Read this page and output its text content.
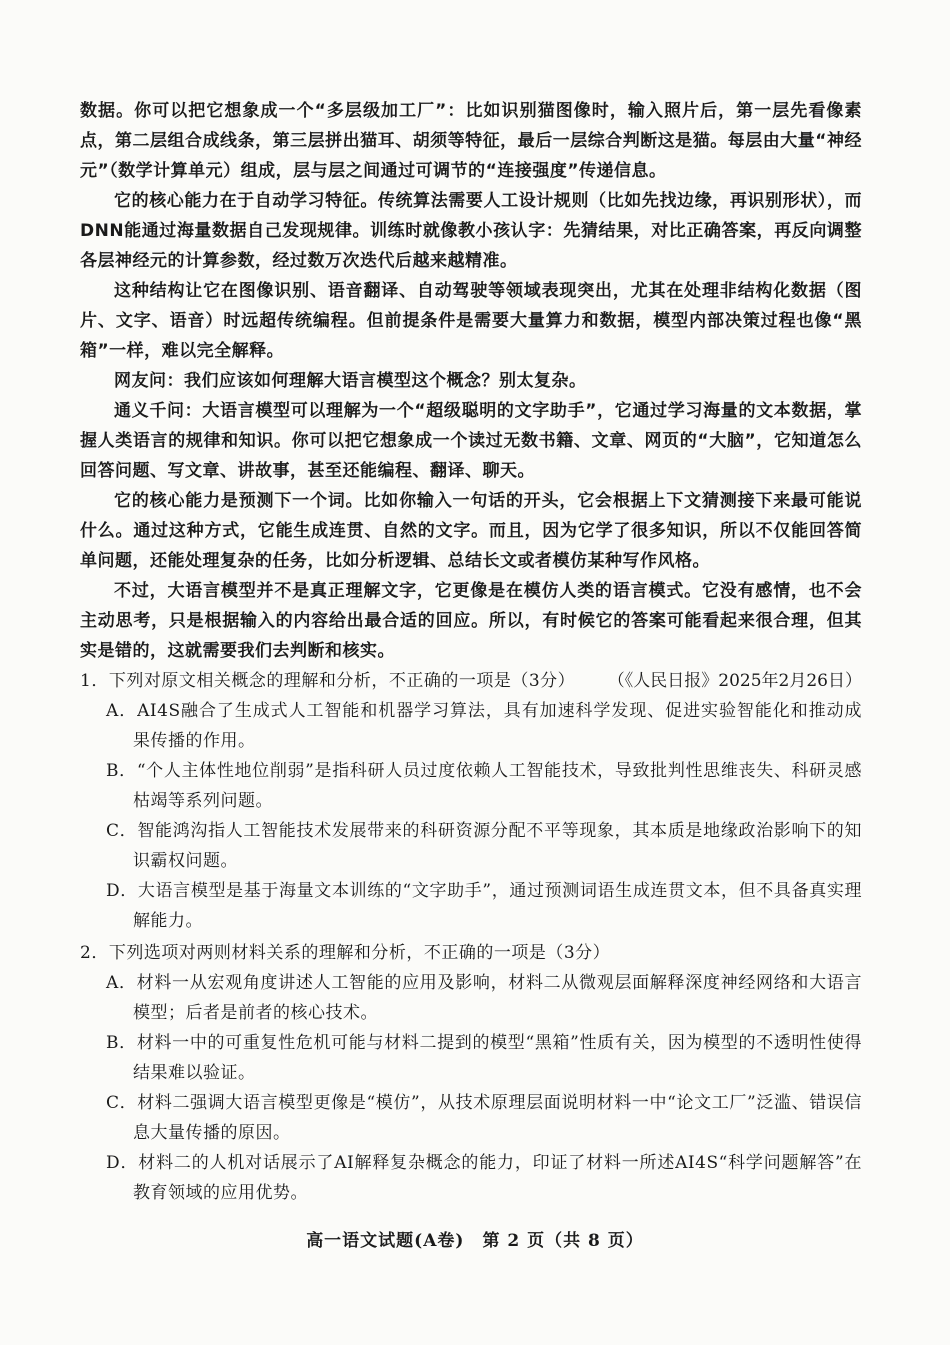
数据。你可以把它想象成一个“多层级加工厂”：比如识别猫图像时，输入照片后，第一层先看像素点，第二层组合成线条，第三层拼出猫耳、胡须等特征，最后一层综合判断这是猫。每层由大量“神经元”（数学计算单元）组成，层与层之间通过可调节的“连接强度”传递信息。

它的核心能力在于自动学习特征。传统算法需要人工设计规则（比如先找边缘，再识别形状），而DNN能通过海量数据自己发现规律。训练时就像教小孩认字：先猜结果，对比正确答案，再反向调整各层神经元的计算参数，经过数万次迭代后越来越精准。

这种结构让它在图像识别、语音翻译、自动驾驶等领域表现突出，尤其在处理非结构化数据（图片、文字、语音）时远超传统编程。但前提条件是需要大量算力和数据，模型内部决策过程也像“黑箱”一样，难以完全解释。

网友问：我们应该如何理解大语言模型这个概念？别太复杂。

通义千问：大语言模型可以理解为一个“超级聪明的文字助手”，它通过学习海量的文本数据，掌握人类语言的规律和知识。你可以把它想象成一个读过无数书籍、文章、网页的“大脑”，它知道怎么回答问题、写文章、讲故事，甚至还能编程、翻译、聊天。

它的核心能力是预测下一个词。比如你输入一句话的开头，它会根据上下文猜测接下来最可能说什么。通过这种方式，它能生成连贯、自然的文字。而且，因为它学了很多知识，所以不仅能回答简单问题，还能处理复杂的任务，比如分析逻辑、总结长文或者模仿某种写作风格。

不过，大语言模型并不是真正理解文字，它更像是在模仿人类的语言模式。它没有感情，也不会主动思考，只是根据输入的内容给出最合适的回应。所以，有时候它的答案可能看起来很合理，但其实是错的，这就需要我们去判断和核实。

（《人民日报》2025年2月26日）

1．下列对原文相关概念的理解和分析，不正确的一项是（3分）

A．AI4S融合了生成式人工智能和机器学习算法，具有加速科学发现、促进实验智能化和推动成果传播的作用。

B．“个人主体性地位削弱”是指科研人员过度依赖人工智能技术，导致批判性思维丧失、科研灵感枯竭等系列问题。

C．智能鸿沟指人工智能技术发展带来的科研资源分配不平等现象，其本质是地缘政治影响下的知识霸权问题。

D．大语言模型是基于海量文本训练的“文字助手”，通过预测词语生成连贯文本，但不具备真实理解能力。

2．下列选项对两则材料关系的理解和分析，不正确的一项是（3分）

A．材料一从宏观角度讲述人工智能的应用及影响，材料二从微观层面解释深度神经网络和大语言模型；后者是前者的核心技术。

B．材料一中的可重复性危机可能与材料二提到的模型“黑箱”性质有关，因为模型的不透明性使得结果难以验证。

C．材料二强调大语言模型更像是“模仿”，从技术原理层面说明材料一中“论文工厂”泛滥、错误信息大量传播的原因。

D．材料二的人机对话展示了AI解释复杂概念的能力，印证了材料一所述AI4S“科学问题解答”在教育领域的应用优势。

高一语文试题(A卷)　第 2 页（共 8 页）
